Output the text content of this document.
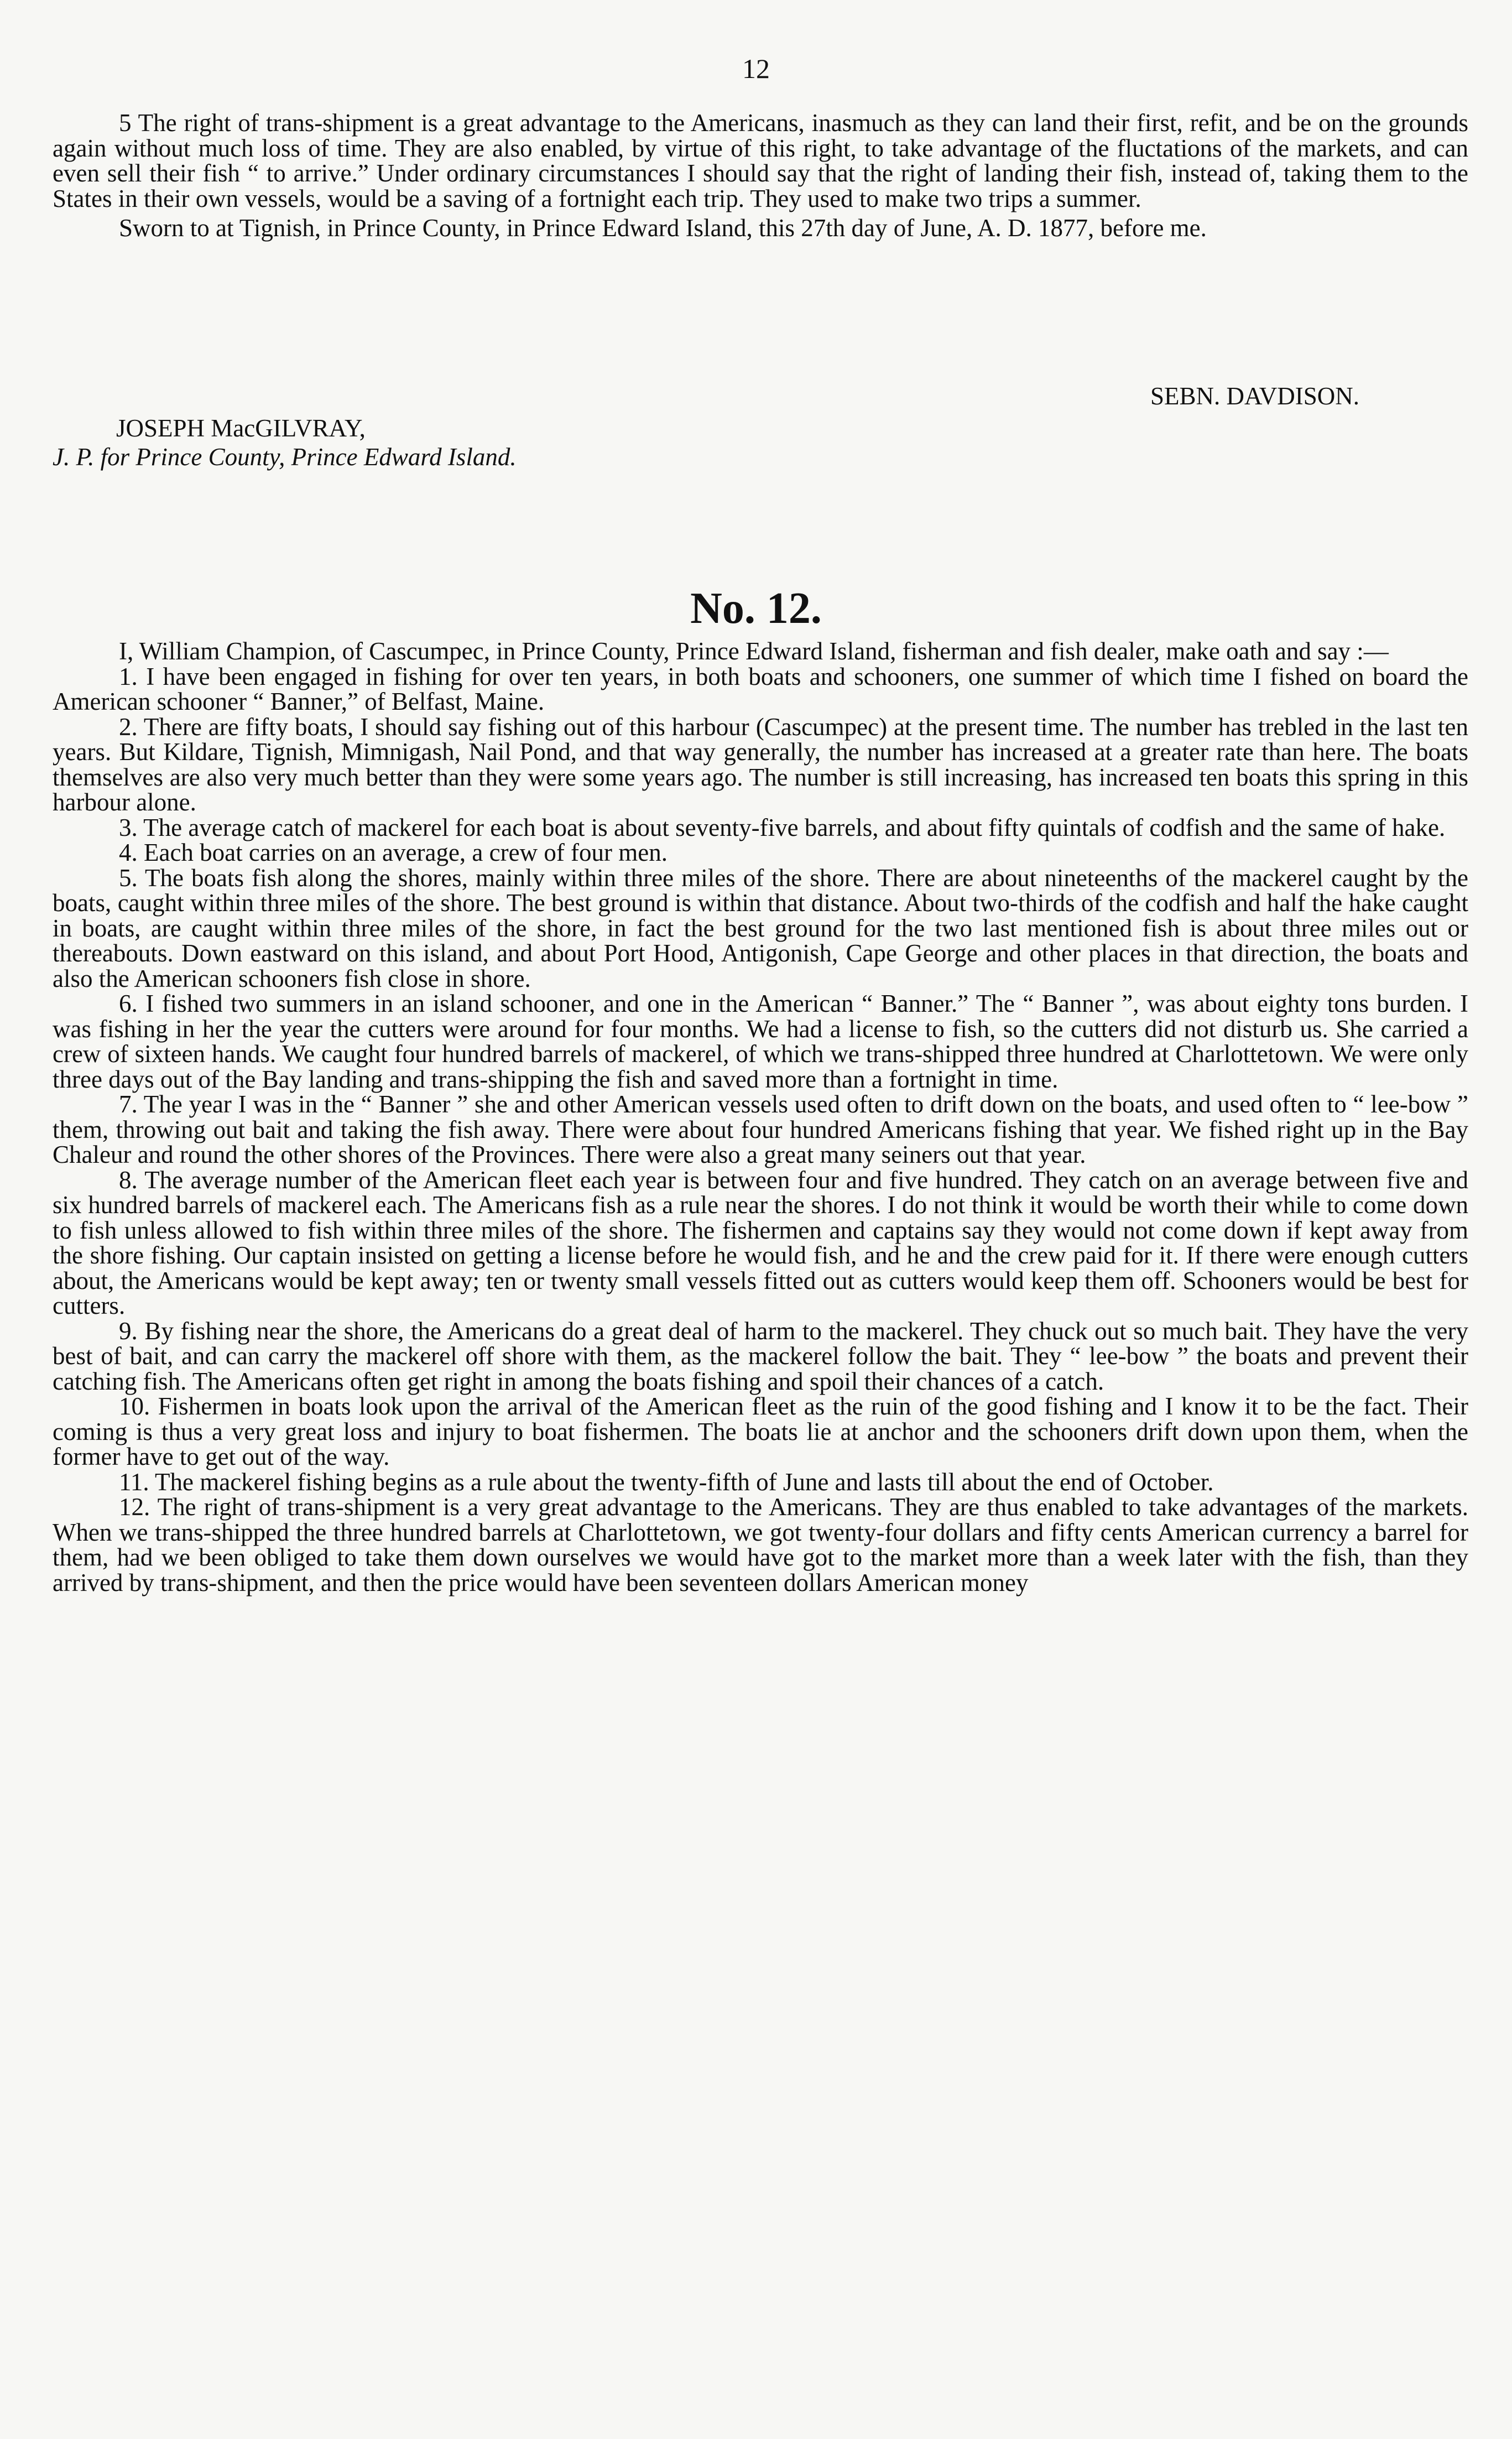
12

5 The right of trans-shipment is a great advantage to the Americans, inasmuch as they can land their first, refit, and be on the grounds again without much loss of time. They are also enabled, by virtue of this right, to take advantage of the fluctations of the markets, and can even sell their fish “ to arrive.” Under ordinary circumstances I should say that the right of landing their fish, instead of, taking them to the States in their own vessels, would be a saving of a fortnight each trip. They used to make two trips a summer.

Sworn to at Tignish, in Prince County, in Prince Edward Island, this 27th day of June, A. D. 1877, before me.

SEBN. DAVDISON.
JOSEPH MacGILVRAY,
J. P. for Prince County, Prince Edward Island.
No. 12.

I, William Champion, of Cascumpec, in Prince County, Prince Edward Island, fisherman and fish dealer, make oath and say :—

1. I have been engaged in fishing for over ten years, in both boats and schooners, one summer of which time I fished on board the American schooner “ Banner,” of Belfast, Maine.

2. There are fifty boats, I should say fishing out of this harbour (Cascumpec) at the present time. The number has trebled in the last ten years. But Kildare, Tignish, Mimnigash, Nail Pond, and that way generally, the number has increased at a greater rate than here. The boats themselves are also very much better than they were some years ago. The number is still increasing, has increased ten boats this spring in this harbour alone.

3. The average catch of mackerel for each boat is about seventy-five barrels, and about fifty quintals of codfish and the same of hake.

4. Each boat carries on an average, a crew of four men.

5. The boats fish along the shores, mainly within three miles of the shore. There are about nineteenths of the mackerel caught by the boats, caught within three miles of the shore. The best ground is within that distance. About two-thirds of the codfish and half the hake caught in boats, are caught within three miles of the shore, in fact the best ground for the two last mentioned fish is about three miles out or thereabouts. Down eastward on this island, and about Port Hood, Antigonish, Cape George and other places in that direction, the boats and also the American schooners fish close in shore.

6. I fished two summers in an island schooner, and one in the American “ Banner.” The “ Banner ”, was about eighty tons burden. I was fishing in her the year the cutters were around for four months. We had a license to fish, so the cutters did not disturb us. She carried a crew of sixteen hands. We caught four hundred barrels of mackerel, of which we trans-shipped three hundred at Charlottetown. We were only three days out of the Bay landing and trans-shipping the fish and saved more than a fortnight in time.

7. The year I was in the “ Banner ” she and other American vessels used often to drift down on the boats, and used often to “ lee-bow ” them, throwing out bait and taking the fish away. There were about four hundred Americans fishing that year. We fished right up in the Bay Chaleur and round the other shores of the Provinces. There were also a great many seiners out that year.

8. The average number of the American fleet each year is between four and five hundred. They catch on an average between five and six hundred barrels of mackerel each. The Americans fish as a rule near the shores. I do not think it would be worth their while to come down to fish unless allowed to fish within three miles of the shore. The fishermen and captains say they would not come down if kept away from the shore fishing. Our captain insisted on getting a license before he would fish, and he and the crew paid for it. If there were enough cutters about, the Americans would be kept away; ten or twenty small vessels fitted out as cutters would keep them off. Schooners would be best for cutters.

9. By fishing near the shore, the Americans do a great deal of harm to the mackerel. They chuck out so much bait. They have the very best of bait, and can carry the mackerel off shore with them, as the mackerel follow the bait. They “ lee-bow ” the boats and prevent their catching fish. The Americans often get right in among the boats fishing and spoil their chances of a catch.

10. Fishermen in boats look upon the arrival of the American fleet as the ruin of the good fishing and I know it to be the fact. Their coming is thus a very great loss and injury to boat fishermen. The boats lie at anchor and the schooners drift down upon them, when the former have to get out of the way.

11. The mackerel fishing begins as a rule about the twenty-fifth of June and lasts till about the end of October.

12. The right of trans-shipment is a very great advantage to the Americans. They are thus enabled to take advantages of the markets. When we trans-shipped the three hundred barrels at Charlottetown, we got twenty-four dollars and fifty cents American currency a barrel for them, had we been obliged to take them down ourselves we would have got to the market more than a week later with the fish, than they arrived by trans-shipment, and then the price would have been seventeen dollars American money
